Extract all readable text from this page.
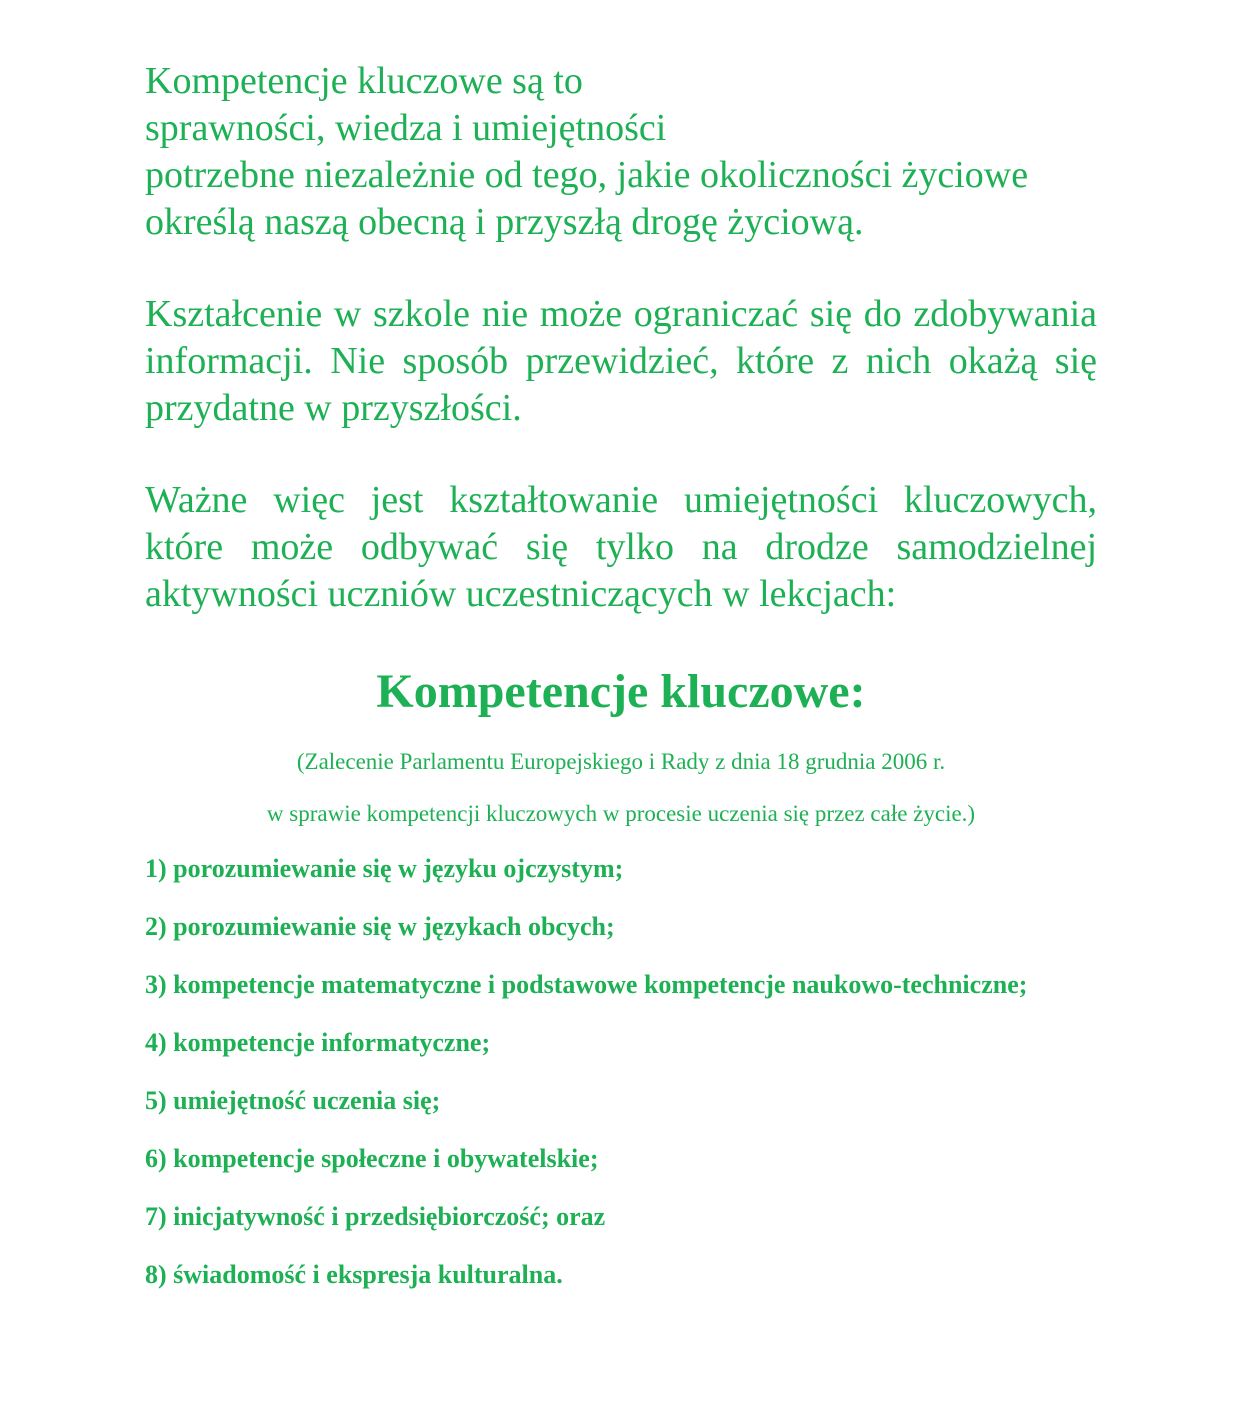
Kompetencje kluczowe są to
sprawności, wiedza i umiejętności
potrzebne niezależnie od tego, jakie okoliczności życiowe
określą naszą obecną i przyszłą drogę życiową.

Kształcenie w szkole nie może ograniczać się do zdobywania informacji. Nie sposób przewidzieć, które z nich okażą się przydatne w przyszłości.

Ważne więc jest kształtowanie umiejętności kluczowych, które może odbywać się tylko na drodze samodzielnej aktywności uczniów uczestniczących w lekcjach:

Kompetencje kluczowe:

(Zalecenie Parlamentu Europejskiego i Rady z dnia 18 grudnia 2006 r.

w sprawie kompetencji kluczowych w procesie uczenia się przez całe życie.)

1) porozumiewanie się w języku ojczystym;
2) porozumiewanie się w językach obcych;
3) kompetencje matematyczne i podstawowe kompetencje naukowo-techniczne;
4) kompetencje informatyczne;
5) umiejętność uczenia się;
6) kompetencje społeczne i obywatelskie;
7) inicjatywność i przedsiębiorczość; oraz
8) świadomość i ekspresja kulturalna.
